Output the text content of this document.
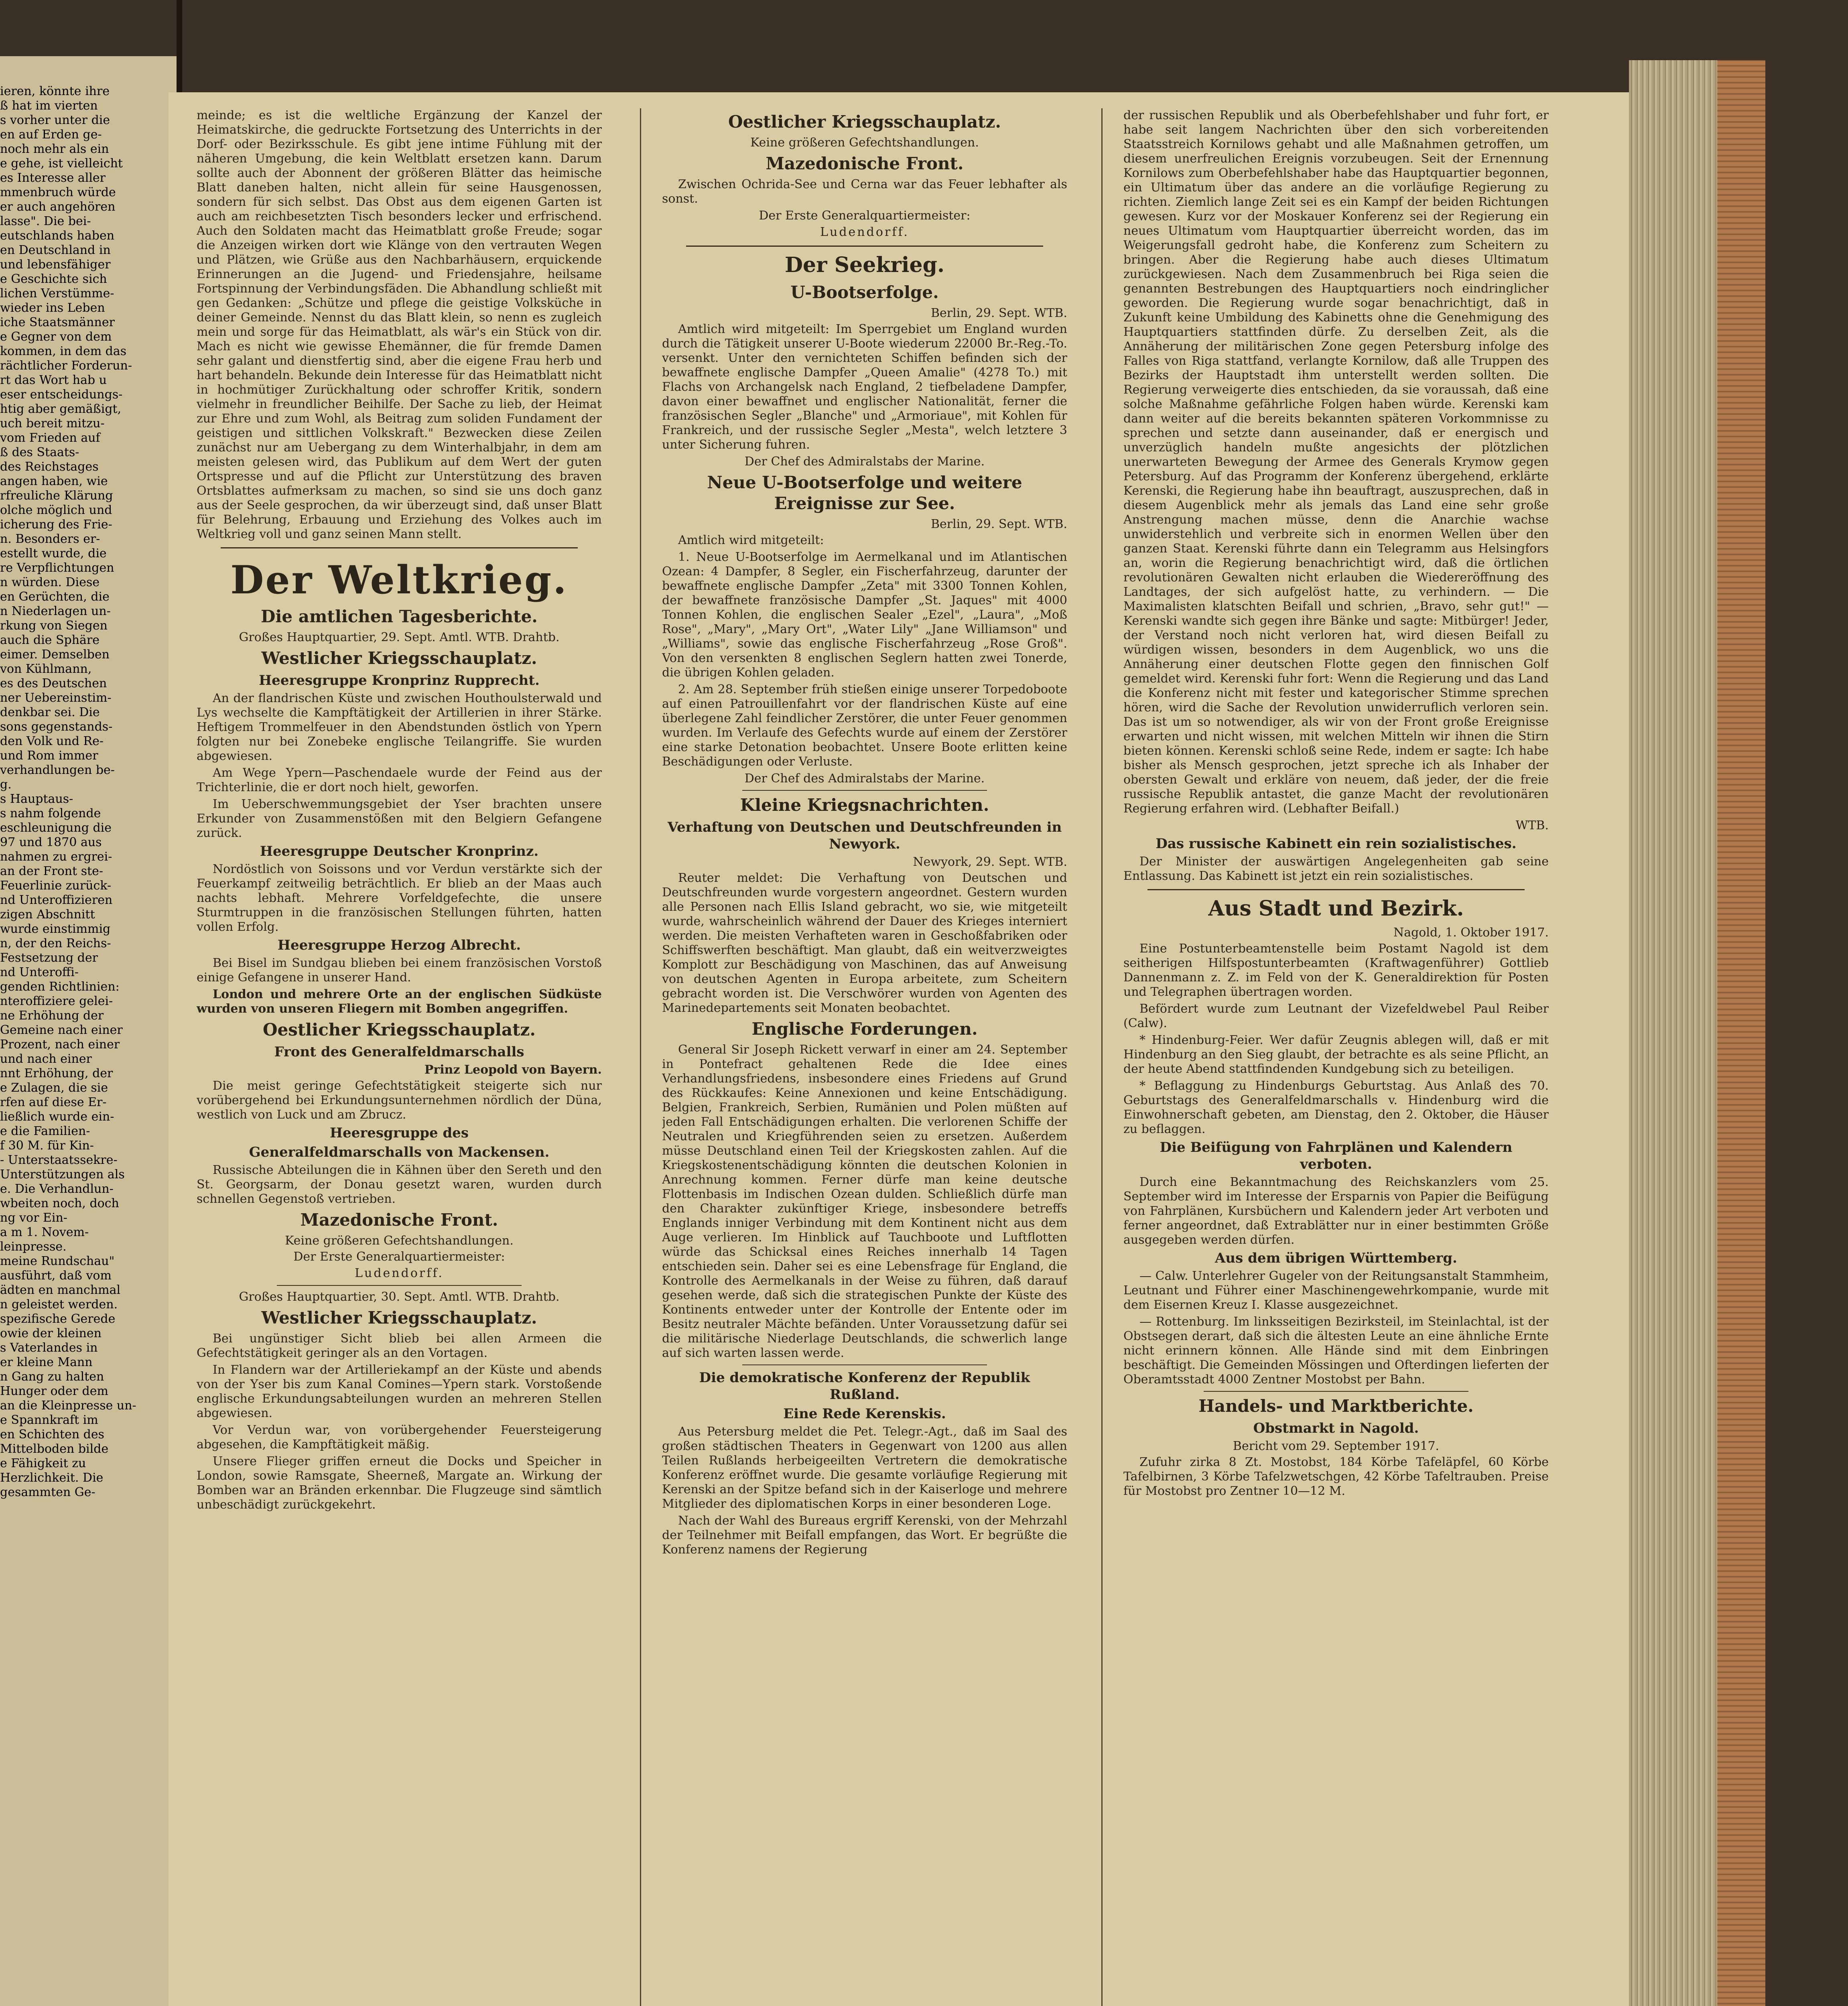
ieren, könnte ihre
ß hat im vierten
s vorher unter die
en auf Erden ge-
noch mehr als ein
e gehe, ist vielleicht
es Interesse aller
mmenbruch würde
er auch angehören
lasse". Die bei-
eutschlands haben
en Deutschland in
und lebensfähiger
e Geschichte sich
lichen Verstümme-
wieder ins Leben
iche Staatsmänner
e Gegner von dem
kommen, in dem das
rächtlicher Forderun-
rt das Wort hab u
eser entscheidungs-
htig aber gemäßigt,
uch bereit mitzu-
vom Frieden auf
ß des Staats-
des Reichstages
angen haben, wie
rfreuliche Klärung
olche möglich und
icherung des Frie-
n. Besonders er-
estellt wurde, die
re Verpflichtungen
n würden. Diese
en Gerüchten, die
n Niederlagen un-
rkung von Siegen
auch die Sphäre
eimer. Demselben
von Kühlmann,
es des Deutschen
ner Uebereinstim-
denkbar sei. Die
sons gegenstands-
den Volk und Re-
und Rom immer
verhandlungen be-
g.
s Hauptaus-
s nahm folgende
eschleunigung die
97 und 1870 aus
nahmen zu ergrei-
an der Front ste-
Feuerlinie zurück-
nd Unteroffizieren
zigen Abschnitt
wurde einstimmig
n, der den Reichs-
Festsetzung der
nd Unteroffi-
genden Richtlinien:
nteroffiziere gelei-
ne Erhöhung der
Gemeine nach einer
Prozent, nach einer
und nach einer
nnt Erhöhung, der
e Zulagen, die sie
rfen auf diese Er-
ließlich wurde ein-
e die Familien-
f 30 M. für Kin-
- Unterstaatssekre-
Unterstützungen als
e. Die Verhandlun-
wbeiten noch, doch
ng vor Ein-
a m 1. Novem-
leinpresse.
meine Rundschau"
ausführt, daß vom
ädten en manchmal
n geleistet werden.
spezifische Gerede
owie der kleinen
s Vaterlandes in
er kleine Mann
n Gang zu halten
Hunger oder dem
an die Kleinpresse un-
e Spannkraft im
en Schichten des
Mittelboden bilde
e Fähigkeit zu
Herzlichkeit. Die
gesammten Ge-

meinde; es ist die weltliche Ergänzung der Kanzel der Heimatskirche, die gedruckte Fortsetzung des Unterrichts in der Dorf- oder Bezirksschule. Es gibt jene intime Fühlung mit der näheren Umgebung, die kein Weltblatt ersetzen kann. Darum sollte auch der Abonnent der größeren Blätter das heimische Blatt daneben halten, nicht allein für seine Hausgenossen, sondern für sich selbst. Das Obst aus dem eigenen Garten ist auch am reichbesetzten Tisch besonders lecker und erfrischend. Auch den Soldaten macht das Heimatblatt große Freude; sogar die Anzeigen wirken dort wie Klänge von den vertrauten Wegen und Plätzen, wie Grüße aus den Nachbarhäusern, erquickende Erinnerungen an die Jugend- und Friedensjahre, heilsame Fortspinnung der Verbindungsfäden. Die Abhandlung schließt mit gen Gedanken: „Schütze und pflege die geistige Volksküche in deiner Gemeinde. Nennst du das Blatt klein, so nenn es zugleich mein und sorge für das Heimatblatt, als wär's ein Stück von dir. Mach es nicht wie gewisse Ehemänner, die für fremde Damen sehr galant und dienstfertig sind, aber die eigene Frau herb und hart behandeln. Bekunde dein Interesse für das Heimatblatt nicht in hochmütiger Zurückhaltung oder schroffer Kritik, sondern vielmehr in freundlicher Beihilfe. Der Sache zu lieb, der Heimat zur Ehre und zum Wohl, als Beitrag zum soliden Fundament der geistigen und sittlichen Volkskraft." Bezwecken diese Zeilen zunächst nur am Uebergang zu dem Winterhalbjahr, in dem am meisten gelesen wird, das Publikum auf dem Wert der guten Ortspresse und auf die Pflicht zur Unterstützung des braven Ortsblattes aufmerksam zu machen, so sind sie uns doch ganz aus der Seele gesprochen, da wir überzeugt sind, daß unser Blatt für Belehrung, Erbauung und Erziehung des Volkes auch im Weltkrieg voll und ganz seinen Mann stellt.

Der Weltkrieg.
Die amtlichen Tagesberichte.
Großes Hauptquartier, 29. Sept. Amtl. WTB. Drahtb.
Westlicher Kriegsschauplatz.
Heeresgruppe Kronprinz Rupprecht.

An der flandrischen Küste und zwischen Houthoulsterwald und Lys wechselte die Kampftätigkeit der Artillerien in ihrer Stärke. Heftigem Trommelfeuer in den Abendstunden östlich von Ypern folgten nur bei Zonebeke englische Teilangriffe. Sie wurden abgewiesen.

Am Wege Ypern—Paschendaele wurde der Feind aus der Trichterlinie, die er dort noch hielt, geworfen.

Im Ueberschwemmungsgebiet der Yser brachten unsere Erkunder von Zusammenstößen mit den Belgiern Gefangene zurück.

Heeresgruppe Deutscher Kronprinz.

Nordöstlich von Soissons und vor Verdun verstärkte sich der Feuerkampf zeitweilig beträchtlich. Er blieb an der Maas auch nachts lebhaft. Mehrere Vorfeldgefechte, die unsere Sturmtruppen in die französischen Stellungen führten, hatten vollen Erfolg.

Heeresgruppe Herzog Albrecht.

Bei Bisel im Sundgau blieben bei einem französischen Vorstoß einige Gefangene in unserer Hand.

London und mehrere Orte an der englischen Südküste wurden von unseren Fliegern mit Bomben angegriffen.

Oestlicher Kriegsschauplatz.
Front des Generalfeldmarschalls
Prinz Leopold von Bayern.

Die meist geringe Gefechtstätigkeit steigerte sich nur vorübergehend bei Erkundungsunternehmen nördlich der Düna, westlich von Luck und am Zbrucz.

Heeresgruppe des
Generalfeldmarschalls von Mackensen.

Russische Abteilungen die in Kähnen über den Sereth und den St. Georgsarm, der Donau gesetzt waren, wurden durch schnellen Gegenstoß vertrieben.

Mazedonische Front.
Keine größeren Gefechtshandlungen.
Der Erste Generalquartiermeister:
Ludendorff.
Großes Hauptquartier, 30. Sept. Amtl. WTB. Drahtb.
Westlicher Kriegsschauplatz.

Bei ungünstiger Sicht blieb bei allen Armeen die Gefechtstätigkeit geringer als an den Vortagen.

In Flandern war der Artilleriekampf an der Küste und abends von der Yser bis zum Kanal Comines—Ypern stark. Vorstoßende englische Erkundungsabteilungen wurden an mehreren Stellen abgewiesen.

Vor Verdun war, von vorübergehender Feuersteigerung abgesehen, die Kampftätigkeit mäßig.

Unsere Flieger griffen erneut die Docks und Speicher in London, sowie Ramsgate, Sheerneß, Margate an. Wirkung der Bomben war an Bränden erkennbar. Die Flugzeuge sind sämtlich unbeschädigt zurückgekehrt.

Oestlicher Kriegsschauplatz.
Keine größeren Gefechtshandlungen.
Mazedonische Front.

Zwischen Ochrida-See und Cerna war das Feuer lebhafter als sonst.

Der Erste Generalquartiermeister:
Ludendorff.
Der Seekrieg.
U-Bootserfolge.
Berlin, 29. Sept. WTB.

Amtlich wird mitgeteilt: Im Sperrgebiet um England wurden durch die Tätigkeit unserer U-Boote wiederum 22000 Br.-Reg.-To. versenkt. Unter den vernichteten Schiffen befinden sich der bewaffnete englische Dampfer „Queen Amalie" (4278 To.) mit Flachs von Archangelsk nach England, 2 tiefbeladene Dampfer, davon einer bewaffnet und englischer Nationalität, ferner die französischen Segler „Blanche" und „Armoriaue", mit Kohlen für Frankreich, und der russische Segler „Mesta", welch letztere 3 unter Sicherung fuhren.

Der Chef des Admiralstabs der Marine.
Neue U-Bootserfolge und weitere Ereignisse zur See.
Berlin, 29. Sept. WTB.

Amtlich wird mitgeteilt:

1. Neue U-Bootserfolge im Aermelkanal und im Atlantischen Ozean: 4 Dampfer, 8 Segler, ein Fischerfahrzeug, darunter der bewaffnete englische Dampfer „Zeta" mit 3300 Tonnen Kohlen, der bewaffnete französische Dampfer „St. Jaques" mit 4000 Tonnen Kohlen, die englischen Sealer „Ezel", „Laura", „Moß Rose", „Mary", „Mary Ort", „Water Lily" „Jane Williamson" und „Williams", sowie das englische Fischerfahrzeug „Rose Groß". Von den versenkten 8 englischen Seglern hatten zwei Tonerde, die übrigen Kohlen geladen.

2. Am 28. September früh stießen einige unserer Torpedoboote auf einen Patrouillenfahrt vor der flandrischen Küste auf eine überlegene Zahl feindlicher Zerstörer, die unter Feuer genommen wurden. Im Verlaufe des Gefechts wurde auf einem der Zerstörer eine starke Detonation beobachtet. Unsere Boote erlitten keine Beschädigungen oder Verluste.

Der Chef des Admiralstabs der Marine.
Kleine Kriegsnachrichten.
Verhaftung von Deutschen und Deutschfreunden in Newyork.
Newyork, 29. Sept. WTB.

Reuter meldet: Die Verhaftung von Deutschen und Deutschfreunden wurde vorgestern angeordnet. Gestern wurden alle Personen nach Ellis Island gebracht, wo sie, wie mitgeteilt wurde, wahrscheinlich während der Dauer des Krieges interniert werden. Die meisten Verhafteten waren in Geschoßfabriken oder Schiffswerften beschäftigt. Man glaubt, daß ein weitverzweigtes Komplott zur Beschädigung von Maschinen, das auf Anweisung von deutschen Agenten in Europa arbeitete, zum Scheitern gebracht worden ist. Die Verschwörer wurden von Agenten des Marinedepartements seit Monaten beobachtet.

Englische Forderungen.

General Sir Joseph Rickett verwarf in einer am 24. September in Pontefract gehaltenen Rede die Idee eines Verhandlungsfriedens, insbesondere eines Friedens auf Grund des Rückkaufes: Keine Annexionen und keine Entschädigung. Belgien, Frankreich, Serbien, Rumänien und Polen müßten auf jeden Fall Entschädigungen erhalten. Die verlorenen Schiffe der Neutralen und Kriegführenden seien zu ersetzen. Außerdem müsse Deutschland einen Teil der Kriegskosten zahlen. Auf die Kriegskostenentschädigung könnten die deutschen Kolonien in Anrechnung kommen. Ferner dürfe man keine deutsche Flottenbasis im Indischen Ozean dulden. Schließlich dürfe man den Charakter zukünftiger Kriege, insbesondere betreffs Englands inniger Verbindung mit dem Kontinent nicht aus dem Auge verlieren. Im Hinblick auf Tauchboote und Luftflotten würde das Schicksal eines Reiches innerhalb 14 Tagen entschieden sein. Daher sei es eine Lebensfrage für England, die Kontrolle des Aermelkanals in der Weise zu führen, daß darauf gesehen werde, daß sich die strategischen Punkte der Küste des Kontinents entweder unter der Kontrolle der Entente oder im Besitz neutraler Mächte befänden. Unter Voraussetzung dafür sei die militärische Niederlage Deutschlands, die schwerlich lange auf sich warten lassen werde.

Die demokratische Konferenz der Republik Rußland.
Eine Rede Kerenskis.

Aus Petersburg meldet die Pet. Telegr.-Agt., daß im Saal des großen städtischen Theaters in Gegenwart von 1200 aus allen Teilen Rußlands herbeigeeilten Vertretern die demokratische Konferenz eröffnet wurde. Die gesamte vorläufige Regierung mit Kerenski an der Spitze befand sich in der Kaiserloge und mehrere Mitglieder des diplomatischen Korps in einer besonderen Loge.

Nach der Wahl des Bureaus ergriff Kerenski, von der Mehrzahl der Teilnehmer mit Beifall empfangen, das Wort. Er begrüßte die Konferenz namens der Regierung

der russischen Republik und als Oberbefehlshaber und fuhr fort, er habe seit langem Nachrichten über den sich vorbereitenden Staatsstreich Kornilows gehabt und alle Maßnahmen getroffen, um diesem unerfreulichen Ereignis vorzubeugen. Seit der Ernennung Kornilows zum Oberbefehlshaber habe das Hauptquartier begonnen, ein Ultimatum über das andere an die vorläufige Regierung zu richten. Ziemlich lange Zeit sei es ein Kampf der beiden Richtungen gewesen. Kurz vor der Moskauer Konferenz sei der Regierung ein neues Ultimatum vom Hauptquartier überreicht worden, das im Weigerungsfall gedroht habe, die Konferenz zum Scheitern zu bringen. Aber die Regierung habe auch dieses Ultimatum zurückgewiesen. Nach dem Zusammenbruch bei Riga seien die genannten Bestrebungen des Hauptquartiers noch eindringlicher geworden. Die Regierung wurde sogar benachrichtigt, daß in Zukunft keine Umbildung des Kabinetts ohne die Genehmigung des Hauptquartiers stattfinden dürfe. Zu derselben Zeit, als die Annäherung der militärischen Zone gegen Petersburg infolge des Falles von Riga stattfand, verlangte Kornilow, daß alle Truppen des Bezirks der Hauptstadt ihm unterstellt werden sollten. Die Regierung verweigerte dies entschieden, da sie voraussah, daß eine solche Maßnahme gefährliche Folgen haben würde. Kerenski kam dann weiter auf die bereits bekannten späteren Vorkommnisse zu sprechen und setzte dann auseinander, daß er energisch und unverzüglich handeln mußte angesichts der plötzlichen unerwarteten Bewegung der Armee des Generals Krymow gegen Petersburg. Auf das Programm der Konferenz übergehend, erklärte Kerenski, die Regierung habe ihn beauftragt, auszusprechen, daß in diesem Augenblick mehr als jemals das Land eine sehr große Anstrengung machen müsse, denn die Anarchie wachse unwiderstehlich und verbreite sich in enormen Wellen über den ganzen Staat. Kerenski führte dann ein Telegramm aus Helsingfors an, worin die Regierung benachrichtigt wird, daß die örtlichen revolutionären Gewalten nicht erlauben die Wiedereröffnung des Landtages, der sich aufgelöst hatte, zu verhindern. — Die Maximalisten klatschten Beifall und schrien, „Bravo, sehr gut!" — Kerenski wandte sich gegen ihre Bänke und sagte: Mitbürger! Jeder, der Verstand noch nicht verloren hat, wird diesen Beifall zu würdigen wissen, besonders in dem Augenblick, wo uns die Annäherung einer deutschen Flotte gegen den finnischen Golf gemeldet wird. Kerenski fuhr fort: Wenn die Regierung und das Land die Konferenz nicht mit fester und kategorischer Stimme sprechen hören, wird die Sache der Revolution unwiderruflich verloren sein. Das ist um so notwendiger, als wir von der Front große Ereignisse erwarten und nicht wissen, mit welchen Mitteln wir ihnen die Stirn bieten können. Kerenski schloß seine Rede, indem er sagte: Ich habe bisher als Mensch gesprochen, jetzt spreche ich als Inhaber der obersten Gewalt und erkläre von neuem, daß jeder, der die freie russische Republik antastet, die ganze Macht der revolutionären Regierung erfahren wird. (Lebhafter Beifall.)

WTB.
Das russische Kabinett ein rein sozialistisches.

Der Minister der auswärtigen Angelegenheiten gab seine Entlassung. Das Kabinett ist jetzt ein rein sozialistisches.

Aus Stadt und Bezirk.
Nagold, 1. Oktober 1917.

Eine Postunterbeamtenstelle beim Postamt Nagold ist dem seitherigen Hilfspostunterbeamten (Kraftwagenführer) Gottlieb Dannenmann z. Z. im Feld von der K. Generaldirektion für Posten und Telegraphen übertragen worden.

Befördert wurde zum Leutnant der Vizefeldwebel Paul Reiber (Calw).

* Hindenburg-Feier. Wer dafür Zeugnis ablegen will, daß er mit Hindenburg an den Sieg glaubt, der betrachte es als seine Pflicht, an der heute Abend stattfindenden Kundgebung sich zu beteiligen.

* Beflaggung zu Hindenburgs Geburtstag. Aus Anlaß des 70. Geburtstags des Generalfeldmarschalls v. Hindenburg wird die Einwohnerschaft gebeten, am Dienstag, den 2. Oktober, die Häuser zu beflaggen.

Die Beifügung von Fahrplänen und Kalendern verboten.

Durch eine Bekanntmachung des Reichskanzlers vom 25. September wird im Interesse der Ersparnis von Papier die Beifügung von Fahrplänen, Kursbüchern und Kalendern jeder Art verboten und ferner angeordnet, daß Extrablätter nur in einer bestimmten Größe ausgegeben werden dürfen.

Aus dem übrigen Württemberg.

— Calw. Unterlehrer Gugeler von der Reitungsanstalt Stammheim, Leutnant und Führer einer Maschinengewehrkompanie, wurde mit dem Eisernen Kreuz I. Klasse ausgezeichnet.

— Rottenburg. Im linksseitigen Bezirksteil, im Steinlachtal, ist der Obstsegen derart, daß sich die ältesten Leute an eine ähnliche Ernte nicht erinnern können. Alle Hände sind mit dem Einbringen beschäftigt. Die Gemeinden Mössingen und Ofterdingen lieferten der Oberamtsstadt 4000 Zentner Mostobst per Bahn.

Handels- und Marktberichte.
Obstmarkt in Nagold.
Bericht vom 29. September 1917.

Zufuhr zirka 8 Zt. Mostobst, 184 Körbe Tafeläpfel, 60 Körbe Tafelbirnen, 3 Körbe Tafelzwetschgen, 42 Körbe Tafeltrauben. Preise für Mostobst pro Zentner 10—12 M.
